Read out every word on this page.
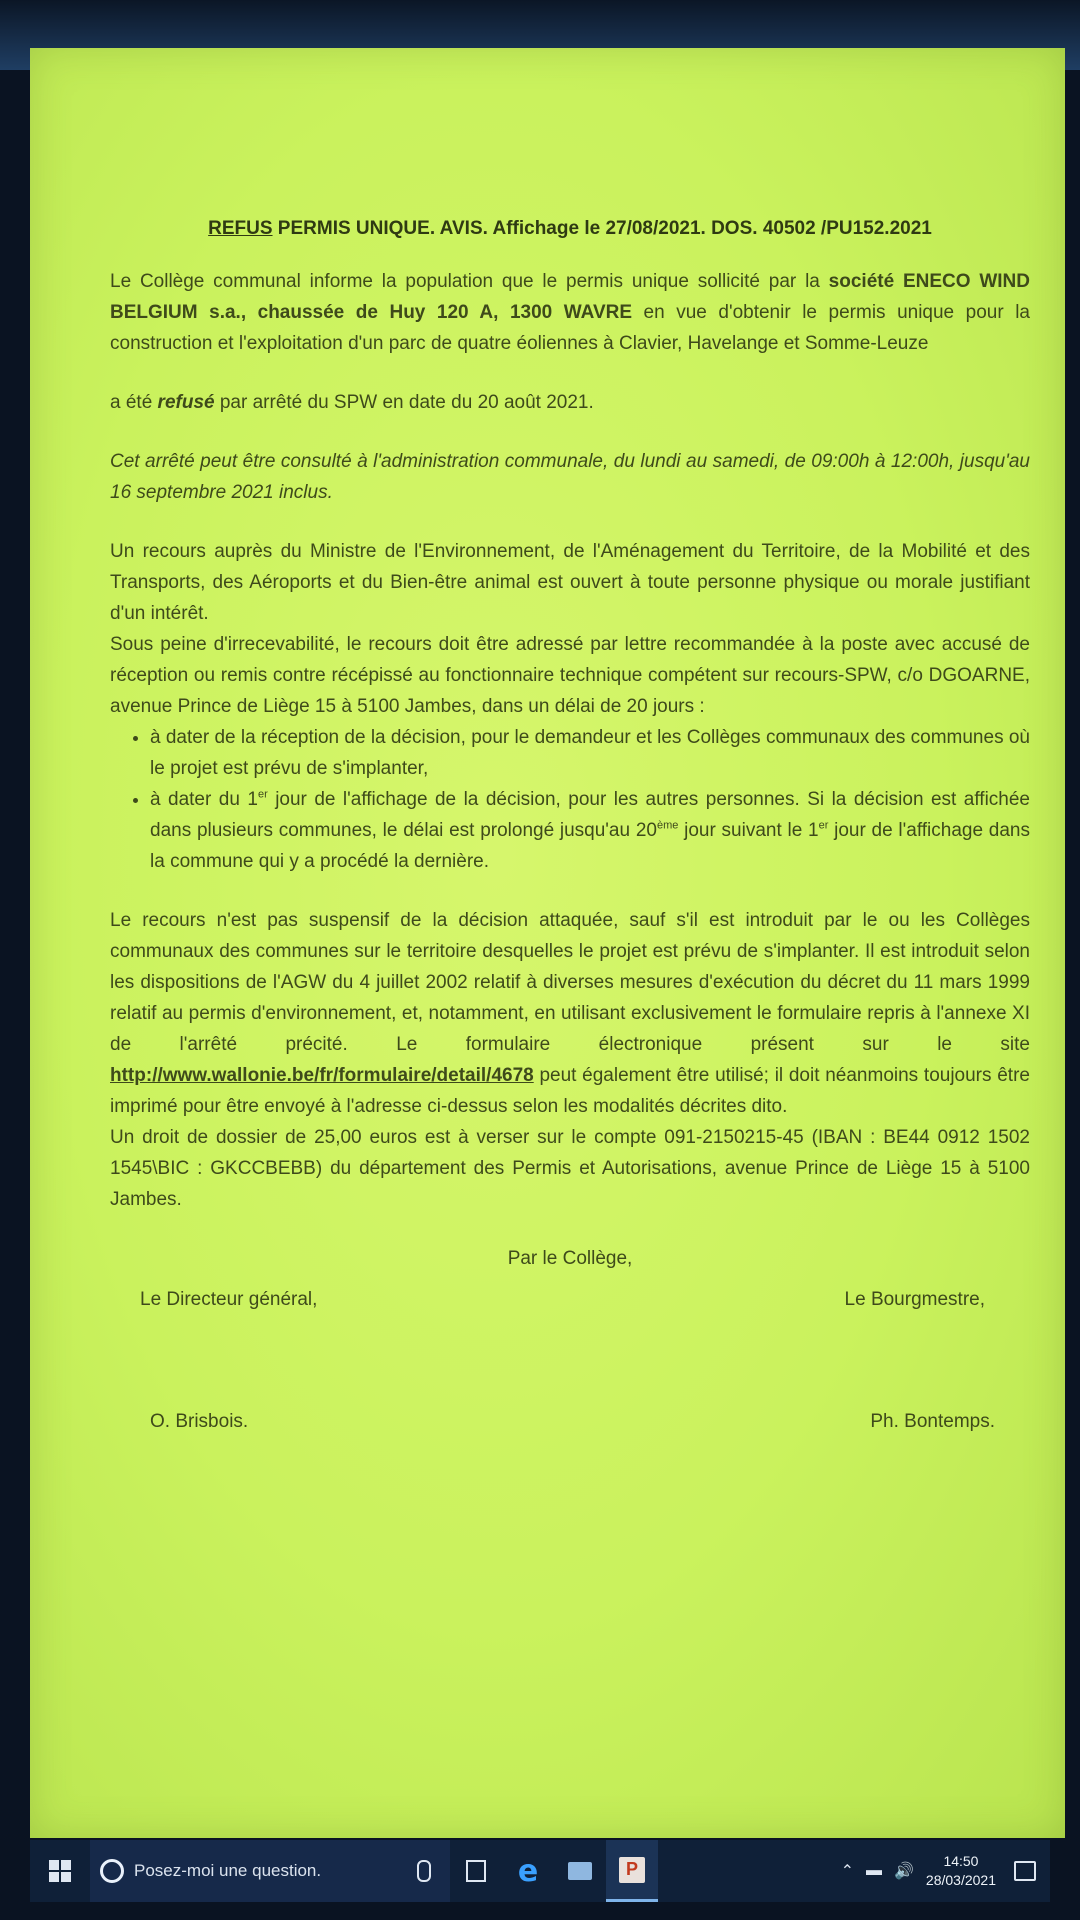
REFUS PERMIS UNIQUE. AVIS. Affichage le 27/08/2021. DOS. 40502 /PU152.2021

Le Collège communal informe la population que le permis unique sollicité par la société ENECO WIND BELGIUM s.a., chaussée de Huy 120 A, 1300 WAVRE en vue d'obtenir le permis unique pour la construction et l'exploitation d'un parc de quatre éoliennes à Clavier, Havelange et Somme-Leuze

a été refusé par arrêté du SPW en date du 20 août 2021.

Cet arrêté peut être consulté à l'administration communale, du lundi au samedi, de 09:00h à 12:00h, jusqu'au 16 septembre 2021 inclus.

Un recours auprès du Ministre de l'Environnement, de l'Aménagement du Territoire, de la Mobilité et des Transports, des Aéroports et du Bien-être animal est ouvert à toute personne physique ou morale justifiant d'un intérêt.

Sous peine d'irrecevabilité, le recours doit être adressé par lettre recommandée à la poste avec accusé de réception ou remis contre récépissé au fonctionnaire technique compétent sur recours-SPW, c/o DGOARNE, avenue Prince de Liège 15 à 5100 Jambes, dans un délai de 20 jours :

• à dater de la réception de la décision, pour le demandeur et les Collèges communaux des communes où le projet est prévu de s'implanter,
• à dater du 1er jour de l'affichage de la décision, pour les autres personnes. Si la décision est affichée dans plusieurs communes, le délai est prolongé jusqu'au 20ème jour suivant le 1er jour de l'affichage dans la commune qui y a procédé la dernière.

Le recours n'est pas suspensif de la décision attaquée, sauf s'il est introduit par le ou les Collèges communaux des communes sur le territoire desquelles le projet est prévu de s'implanter. Il est introduit selon les dispositions de l'AGW du 4 juillet 2002 relatif à diverses mesures d'exécution du décret du 11 mars 1999 relatif au permis d'environnement, et, notamment, en utilisant exclusivement le formulaire repris à l'annexe XI de l'arrêté précité. Le formulaire électronique présent sur le site http://www.wallonie.be/fr/formulaire/detail/4678 peut également être utilisé; il doit néanmoins toujours être imprimé pour être envoyé à l'adresse ci-dessus selon les modalités décrites dito.

Un droit de dossier de 25,00 euros est à verser sur le compte 091-2150215-45 (IBAN : BE44 0912 1502 1545\BIC : GKCCBEBB) du département des Permis et Autorisations, avenue Prince de Liège 15 à 5100 Jambes.

Par le Collège,

Le Directeur général,	Le Bourgmestre,
O. Brisbois.	Ph. Bontemps.
Posez-moi une question.	e	P	⌃ ▬ 🔊
14:50
28/03/2021
